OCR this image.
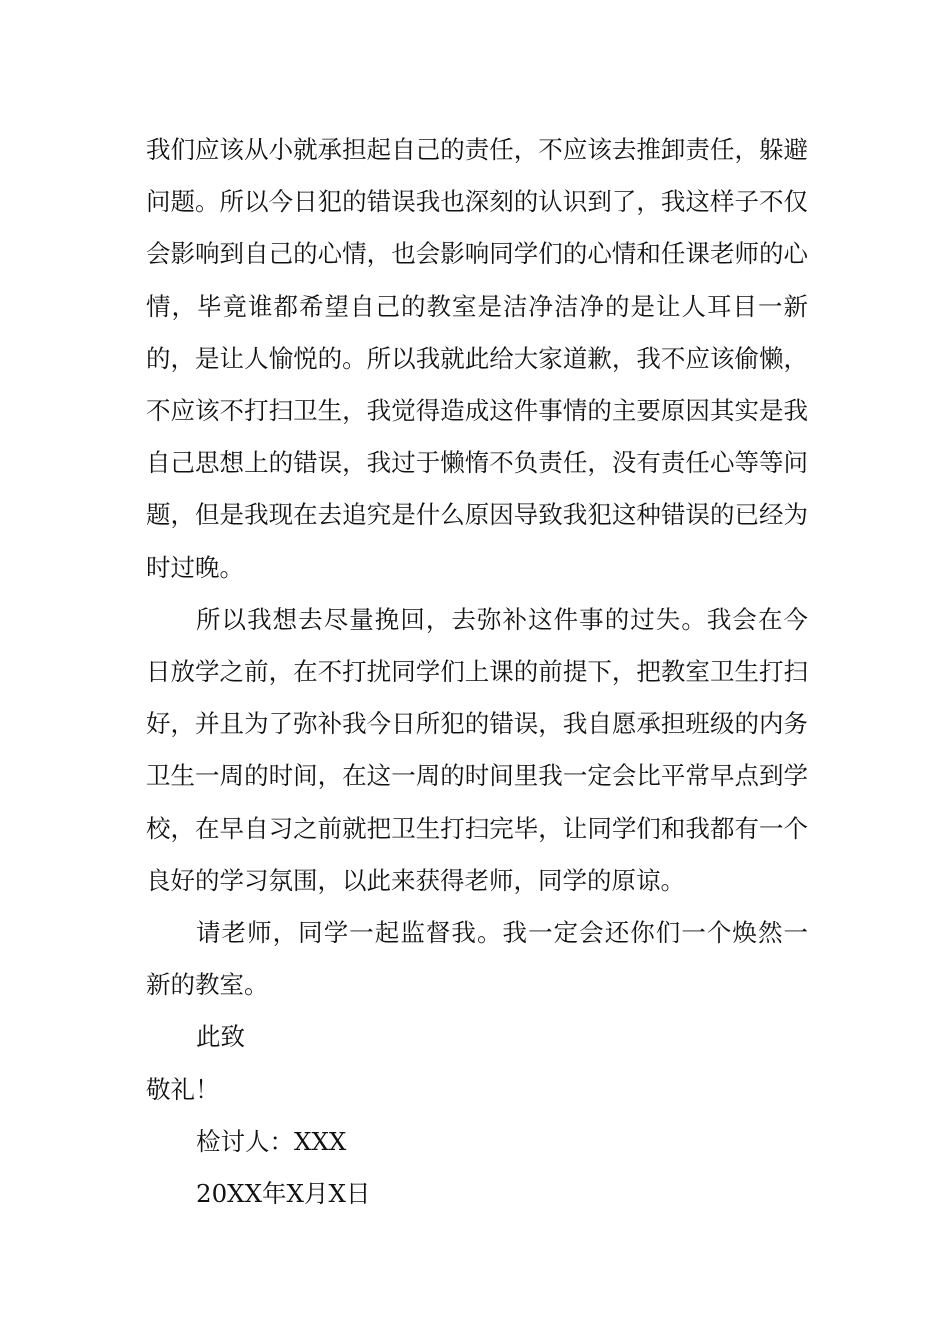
我们应该从小就承担起自己的责任，不应该去推卸责任，躲避问题。所以今日犯的错误我也深刻的认识到了，我这样子不仅会影响到自己的心情，也会影响同学们的心情和任课老师的心情，毕竟谁都希望自己的教室是洁净洁净的是让人耳目一新的，是让人愉悦的。所以我就此给大家道歉，我不应该偷懒，不应该不打扫卫生，我觉得造成这件事情的主要原因其实是我自己思想上的错误，我过于懒惰不负责任，没有责任心等等问题，但是我现在去追究是什么原因导致我犯这种错误的已经为时过晚。

所以我想去尽量挽回，去弥补这件事的过失。我会在今日放学之前，在不打扰同学们上课的前提下，把教室卫生打扫好，并且为了弥补我今日所犯的错误，我自愿承担班级的内务卫生一周的时间，在这一周的时间里我一定会比平常早点到学校，在早自习之前就把卫生打扫完毕，让同学们和我都有一个良好的学习氛围，以此来获得老师，同学的原谅。

请老师，同学一起监督我。我一定会还你们一个焕然一新的教室。

此致

敬礼！

检讨人：XXX

20XX年X月X日
